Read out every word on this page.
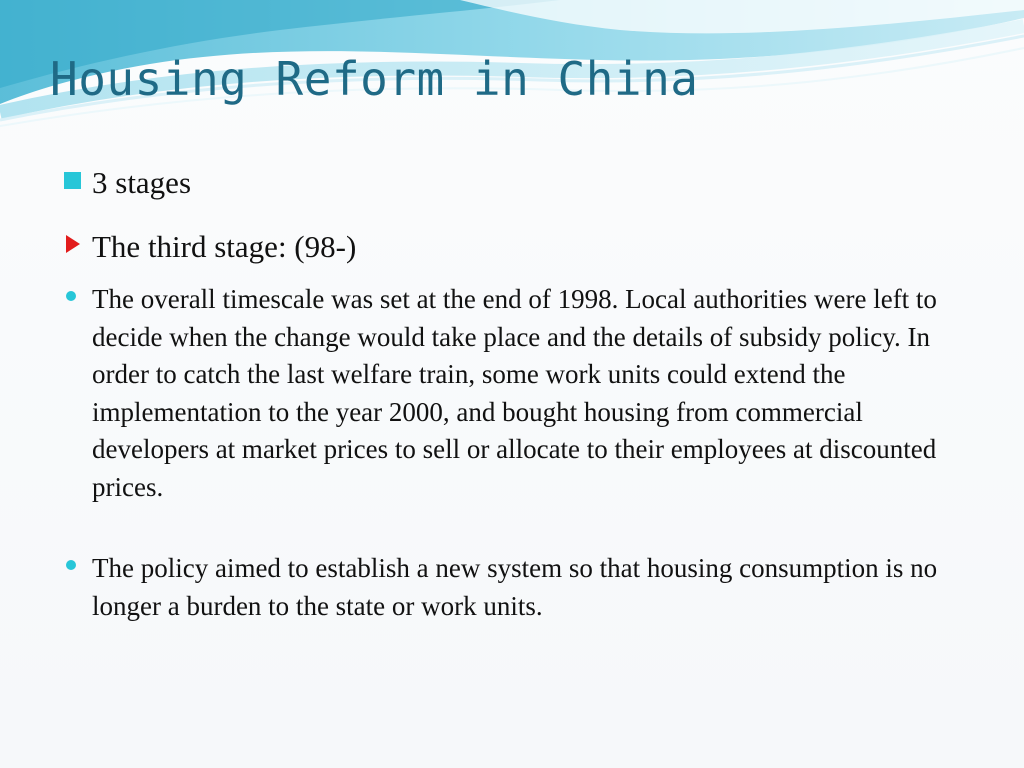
Housing Reform in China
3 stages
The third stage: (98-)
The overall timescale was set at the end of 1998. Local authorities were left to decide when the change would take place and the details of subsidy policy. In order to catch the last welfare train, some work units could extend the implementation to the year 2000, and bought housing from commercial developers at market prices to sell or allocate to their employees at discounted prices.
The policy aimed to establish a new system so that housing consumption is no longer a burden to the state or work units.
